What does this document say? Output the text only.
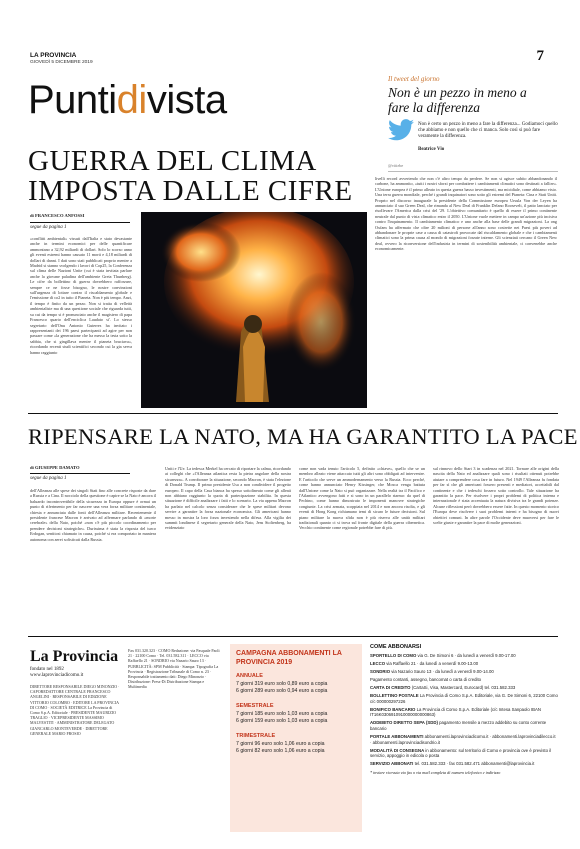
LA PROVINCIA
GIOVEDÌ 5 DICEMBRE 2019	7
Puntidivista	Il tweet del giorno
Non è un pezzo in meno a fare la differenza
Non è certo un pezzo in meno a fare la differenza... Godiamoci quello che abbiamo e non quello che ci manca. Solo così si può fare veramente la differenza.
Beatrice Vio
@vitiebe
GUERRA DEL CLIMA
IMPOSTA DALLE CIFRE
di FRANCESCO ANFOSSI
segue da pagina 1
«conflitti ambientali» vissuti dall'Italia e stato devastante anche in termini economici per delle quantificare ammontano a 32,92 miliardi di dollari. Solo lo scorso anno gli eventi estremi hanno causato 11 morti e 4,18 miliardi di dollari di danni. I dati sono stati pubblicati proprio mentre a Madrid si stanno svolgendo i lavori di Cop25, la Conferenza sul clima delle Nazioni Unite (cui è stata invitata parlare anche la giovane paladina dell'ambiente Greta Thunberg). Le cifre da bollettino di guerra dovrebbero rafforzare, sempre ce ne fosse bisogno, le nostre convinzioni sull'urgenza di lottare contro il riscaldamento globale e l'emissione di co2 in tutto il Pianeta. Non è più tempo. Anzi, il tempo è finito da un pezzo. Non si tratta di velleità ambientaliste ma di una questione sociale che riguarda tutti, su cui da tempo si è pronunciato anche il magistero di papa Francesco quarto dell'enciclica Laudato si'. Lo stesso segretario dell'Onu Antonio Guterres ha invitato i rappresentanti dei 196 paesi partecipanti ad agire per non passare come «la generazione che ha messo la testa sotto la sabbia, che si gingillava mentre il pianeta bruciava», ricordando recenti studi scientifici secondo cui la gia serva hanno raggiunto
livelli record avvertendo che non c'è altro tempo da perdere. Se non si agisce subito abbandonando il carbone, ha ammonito, «tutti i nostri sforzi per combattere i cambiamenti climatici sono destinati a fallire». L'Unione europea è il primo alleato in questa guerra basso investimenti, ma micidiale, come abbiamo visto. Una terra guerra mondiale, perché i grandi inquinatori sono sotto gli estremi del Pianeta: Cina e Stati Uniti. Proprio nel discorso inaugurale la presidente della Commissione europea Ursula Von der Leyen ha annunciato il suo Green Deal, che rimanda al New Deal di Franklin Delano Roosevelt, il patto lanciato per risollevare l'America dalla crisi del '29. L'obiettivo comunitario è quello di essere il primo continente neutrale dal punto di vista climatico entro il 2050. L'Unione vuole mettere in campo un'azione più incisiva contro l'inquinamento. Il cambiamento climatico e uno anche alla base delle grandi migrazioni. La ong Oxfam ha affermato che oltre 20 milioni di persone all'anno sono costrette nei Paesi più poveri ad abbandonare le proprie case a causa di catastrofi provocate dal riscaldamento globale e che i cambiamenti climatici sono la prima causa al mondo di migrazioni forzate interne. Gli scienziati cercano il Green New deal, ovvero la riconversione dell'industria in termini di sostenibilità ambientale, ci convenebbe anche economicamente.
RIPENSARE LA NATO, MA HA GARANTITO LA PACE
di GIUSEPPE DAMATO
segue da pagina 1
dell'Alleanza alle spese dei singoli Stati fino alle concrete risposte da dare a Russia e a Cina. Il nocciolo della questione è capire se la Nato è ancora il baluardo incontrovertibile della sicurezza in Europa oppure è ormai un punto di riferimento per far nascere una vera forza militare continentale, chiesta e annunciata dalle fonti dell'Alleanza militare. Recentemente il presidente francese Macron è arrivato ad affermare parlando di «morte cerebrale» della Nato, poiché «non c'è più piccolo coordinamento per prendere decisioni strategiche». Durissima è stata la risposta del turco Erdogan, sentitosi chiamato in causa, poiché si era comportato in maniera autonoma con aerei sofisticati dalla Russia.
Uniti e l'Ue. La tedesca Merkel ha cercato di riportare la calma, ricordando ai colleghi che «l'Alleanza atlantica resta la pietra angolare della nostra sicurezza». A corroborare la situazione, secondo Macron, è stata l'elezione di Donald Trump. Il primo presidente Usa a non condividere il progetto europeo. Il capo della Casa bianca ha spesso sottolineato come gli alleati non abbiano raggiunto la quota di partecipazione stabilita. In questa situazione è difficile analizzare i fatti e lo scenario. La via appena Macron ha parlato nel calcolo senza considerare che le spese militari devono servire a garantire la forza nazionale economica. Gli americani hanno messo in mostra la loro forza investendo nella difesa. Alla vigilia dei summit londinese il segretario generale della Nato, Jens Stoltenberg, ha evidenziato
come non vada tenuto l'articolo 5, definito «chiave», quello che se un membro alleato viene attaccato tutti gli altri sono obbligati ad intervenire. E l'articolo che serve un ammodernamento verso la Russia. Ecco perché, come hanno annunciato Henry Kissinger, che Mosca venga battuta dall'Unione come la Nato si può organizzare. Nella realtà tra il Pacifico e l'Atlantico avvengono fatti e si sono in un parallelo riarmo: da quel di Pechino, come hanno dimostrato le imponenti manovre strategiche congiunte. La crisi armata, scoppiata nel 2014 e non ancora risolta, e gli eventi di Hong Kong richiamano temi di sicuro le future decisioni. Sul piano militare la nuova sfida non è più riserva alle unità militari tradizionali quanto ci si trova sul fronte digitale della guerra cibernetica. Vecchio continente come regionale potrebbe fare di più.
sul rinnovo dello Start 3 in scadenza nel 2021. Tornare alle origini della nascita della Nato ed analizzare quali sono i risultati ottenuti potrebbe aiutare a comprendere cosa fare in futuro. Nel 1949 l'Alleanza fu fondata per far sì che gli americani fossero presenti e mediatori, accettabili dal continente e che i tedeschi fossero sotto controllo. Tale situazione ha garantito la pace. Per risolvere i propri problemi di politica interna e internazionale è stata accentuata la natura divisiva tra le grandi potenze. Alcune riflessioni però dovrebbero essere fatte. In questo momento storico l'Europa deve risolvere i suoi problemi interni e ha bisogno di nuovi obiettivi comuni. In altre parole l'Occidente deve muoversi per fare le scelte giuste e garantire la pace di molte generazioni.
La Provincia
fondato nel 1892
www.laprovinciadicomo.it
DIRETTORE RESPONSABILE DIEGO MINONZIO · CAPOREDATTORE CENTRALE FRANCESCO ANGELINI · RESPONSABILE DI EDIZIONE VITTORIO COLOMBO · EDITORE LA PROVINCIA DI COMO · SOCIETÀ EDITRICE La Provincia di Como S.p.A. Editoriale · PRESIDENTE MAURIZIO TRAGLIO · VICEPRESIDENTE MASSIMO MALVESTITI · AMMINISTRATORE DELEGATO GIANCARLO MONTEVERDE · DIRETTORE GENERALE MARIO FROSIO
Fax 031.320.323 · COMO Redazione: via Pasquale Paoli 21 · 22100 Como · Tel. 031.582.311 · LECCO via Raffaello 21 · SONDRIO via Nazario Sauro 13 · PUBBLICITÀ: SPM Pubblicità · Stampa: Tipografia La Provincia · Registrazione Tribunale di Como n. 23 · Responsabile trattamento dati: Diego Minonzio · Distribuzione: Press-Di Distribuzione Stampa e Multimedia
CAMPAGNA ABBONAMENTI LA PROVINCIA 2019
ANNUALE
7 giorni 319 euro solo 0,89 euro a copia
6 giorni 289 euro solo 0,94 euro a copia
SEMESTRALE
7 giorni 185 euro solo 1,03 euro a copia
6 giorni 159 euro solo 1,03 euro a copia
TRIMESTRALE
7 giorni 96 euro solo 1,06 euro a copia
6 giorni 82 euro solo 1,06 euro a copia
COME ABBONARSI
SPORTELLO DI COMO via G. De Simoni 6 · da lunedì a venerdì 9.00-17.00
LECCO via Raffaello 21 · da lunedì a venerdì 9.00-13.00
SONDRIO via Nazario Sauro 13 · da lunedì a venerdì 9.00-14.00
Pagamento contanti, assegno, bancomat o carta di credito
CARTA DI CREDITO (CartaSi, Visa, Mastercard, Eurocard) tel. 031.582.333
BOLLETTINO POSTALE La Provincia di Como S.p.A. Editoriale, via G. De Simoni 6, 22100 Como c/c 000000297226
BONIFICO BANCARIO La Provincia di Como S.p.A. Editoriale (c/c Intesa Sanpaolo IBAN IT16K0306910910000000000863)
ADDEBITO DIRETTO SEPA (SDD) pagamento mensile a mezzo addebito su conto corrente bancario
PORTALE ABBONAMENTI abbonamenti.laprovinciadicomo.it · abbonamenti.laprovinciadilecco.it · abbonamenti.laprovinciadisondrio.it
MODALITÀ DI CONSEGNA in abbonamento: sul territorio di Como e provincia ove è previsto il servizio, appoggio in edicola o posta
SERVIZIO ABBONATI tel. 031.582.333 · fax 031.582.471 abbonamenti@laprovincia.it
* inviare ricevuta via fax o via mail completa di numero telefonico e indirizzo
